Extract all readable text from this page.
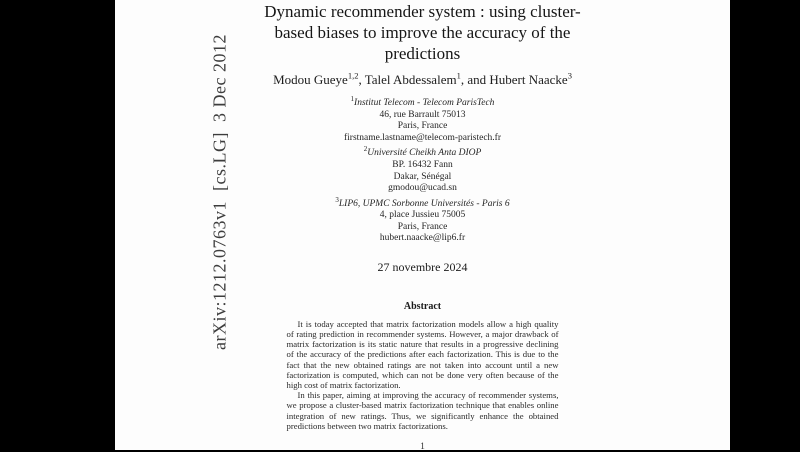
arXiv:1212.0763v1  [cs.LG]  3 Dec 2012
Dynamic recommender system : using cluster-based biases to improve the accuracy of the predictions

Modou Gueye$^{1,2}$, Talel Abdessalem$^1$, and Hubert Naacke$^3$

$^1$Institut Telecom - Telecom ParisTech
46, rue Barrault 75013
Paris, France
firstname.lastname@telecom-paristech.fr
$^2$Université Cheikh Anta DIOP
BP. 16432 Fann
Dakar, Sénégal
gmodou@ucad.sn
$^3$LIP6, UPMC Sorbonne Universités - Paris 6
4, place Jussieu 75005
Paris, France
hubert.naacke@lip6.fr

27 novembre 2024

Abstract

It is today accepted that matrix factorization models allow a high quality of rating prediction in recommender systems. However, a major drawback of matrix factorization is its static nature that results in a progressive declining of the accuracy of the predictions after each factorization. This is due to the fact that the new obtained ratings are not taken into account until a new factorization is computed, which can not be done very often because of the high cost of matrix factorization.

In this paper, aiming at improving the accuracy of recommender systems, we propose a cluster-based matrix factorization technique that enables online integration of new ratings. Thus, we significantly enhance the obtained predictions between two matrix factorizations.

1
